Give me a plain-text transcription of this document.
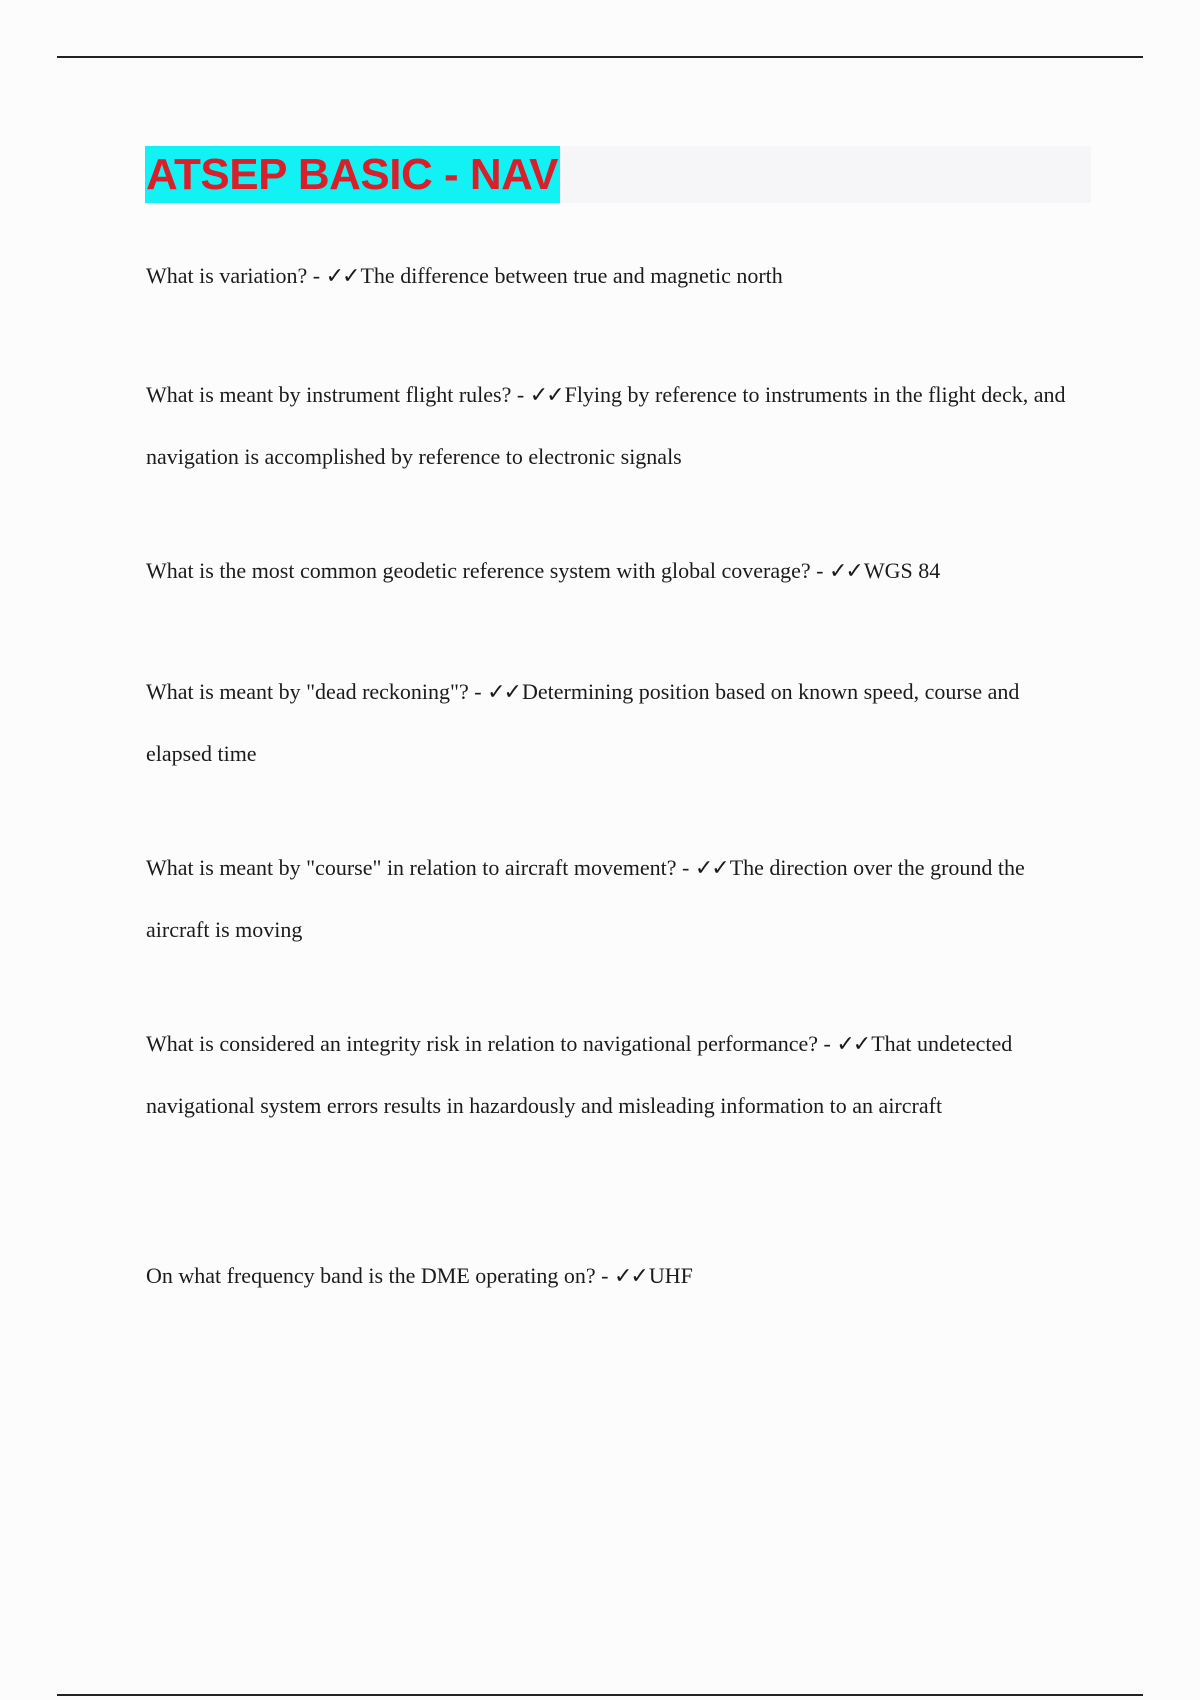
ATSEP BASIC - NAV
What is variation? - ✓✓The difference between true and magnetic north
What is meant by instrument flight rules? - ✓✓Flying by reference to instruments in the flight deck, and navigation is accomplished by reference to electronic signals
What is the most common geodetic reference system with global coverage? - ✓✓WGS 84
What is meant by "dead reckoning"? - ✓✓Determining position based on known speed, course and elapsed time
What is meant by "course" in relation to aircraft movement? - ✓✓The direction over the ground the aircraft is moving
What is considered an integrity risk in relation to navigational performance? - ✓✓That undetected navigational system errors results in hazardously and misleading information to an aircraft
On what frequency band is the DME operating on? - ✓✓UHF
